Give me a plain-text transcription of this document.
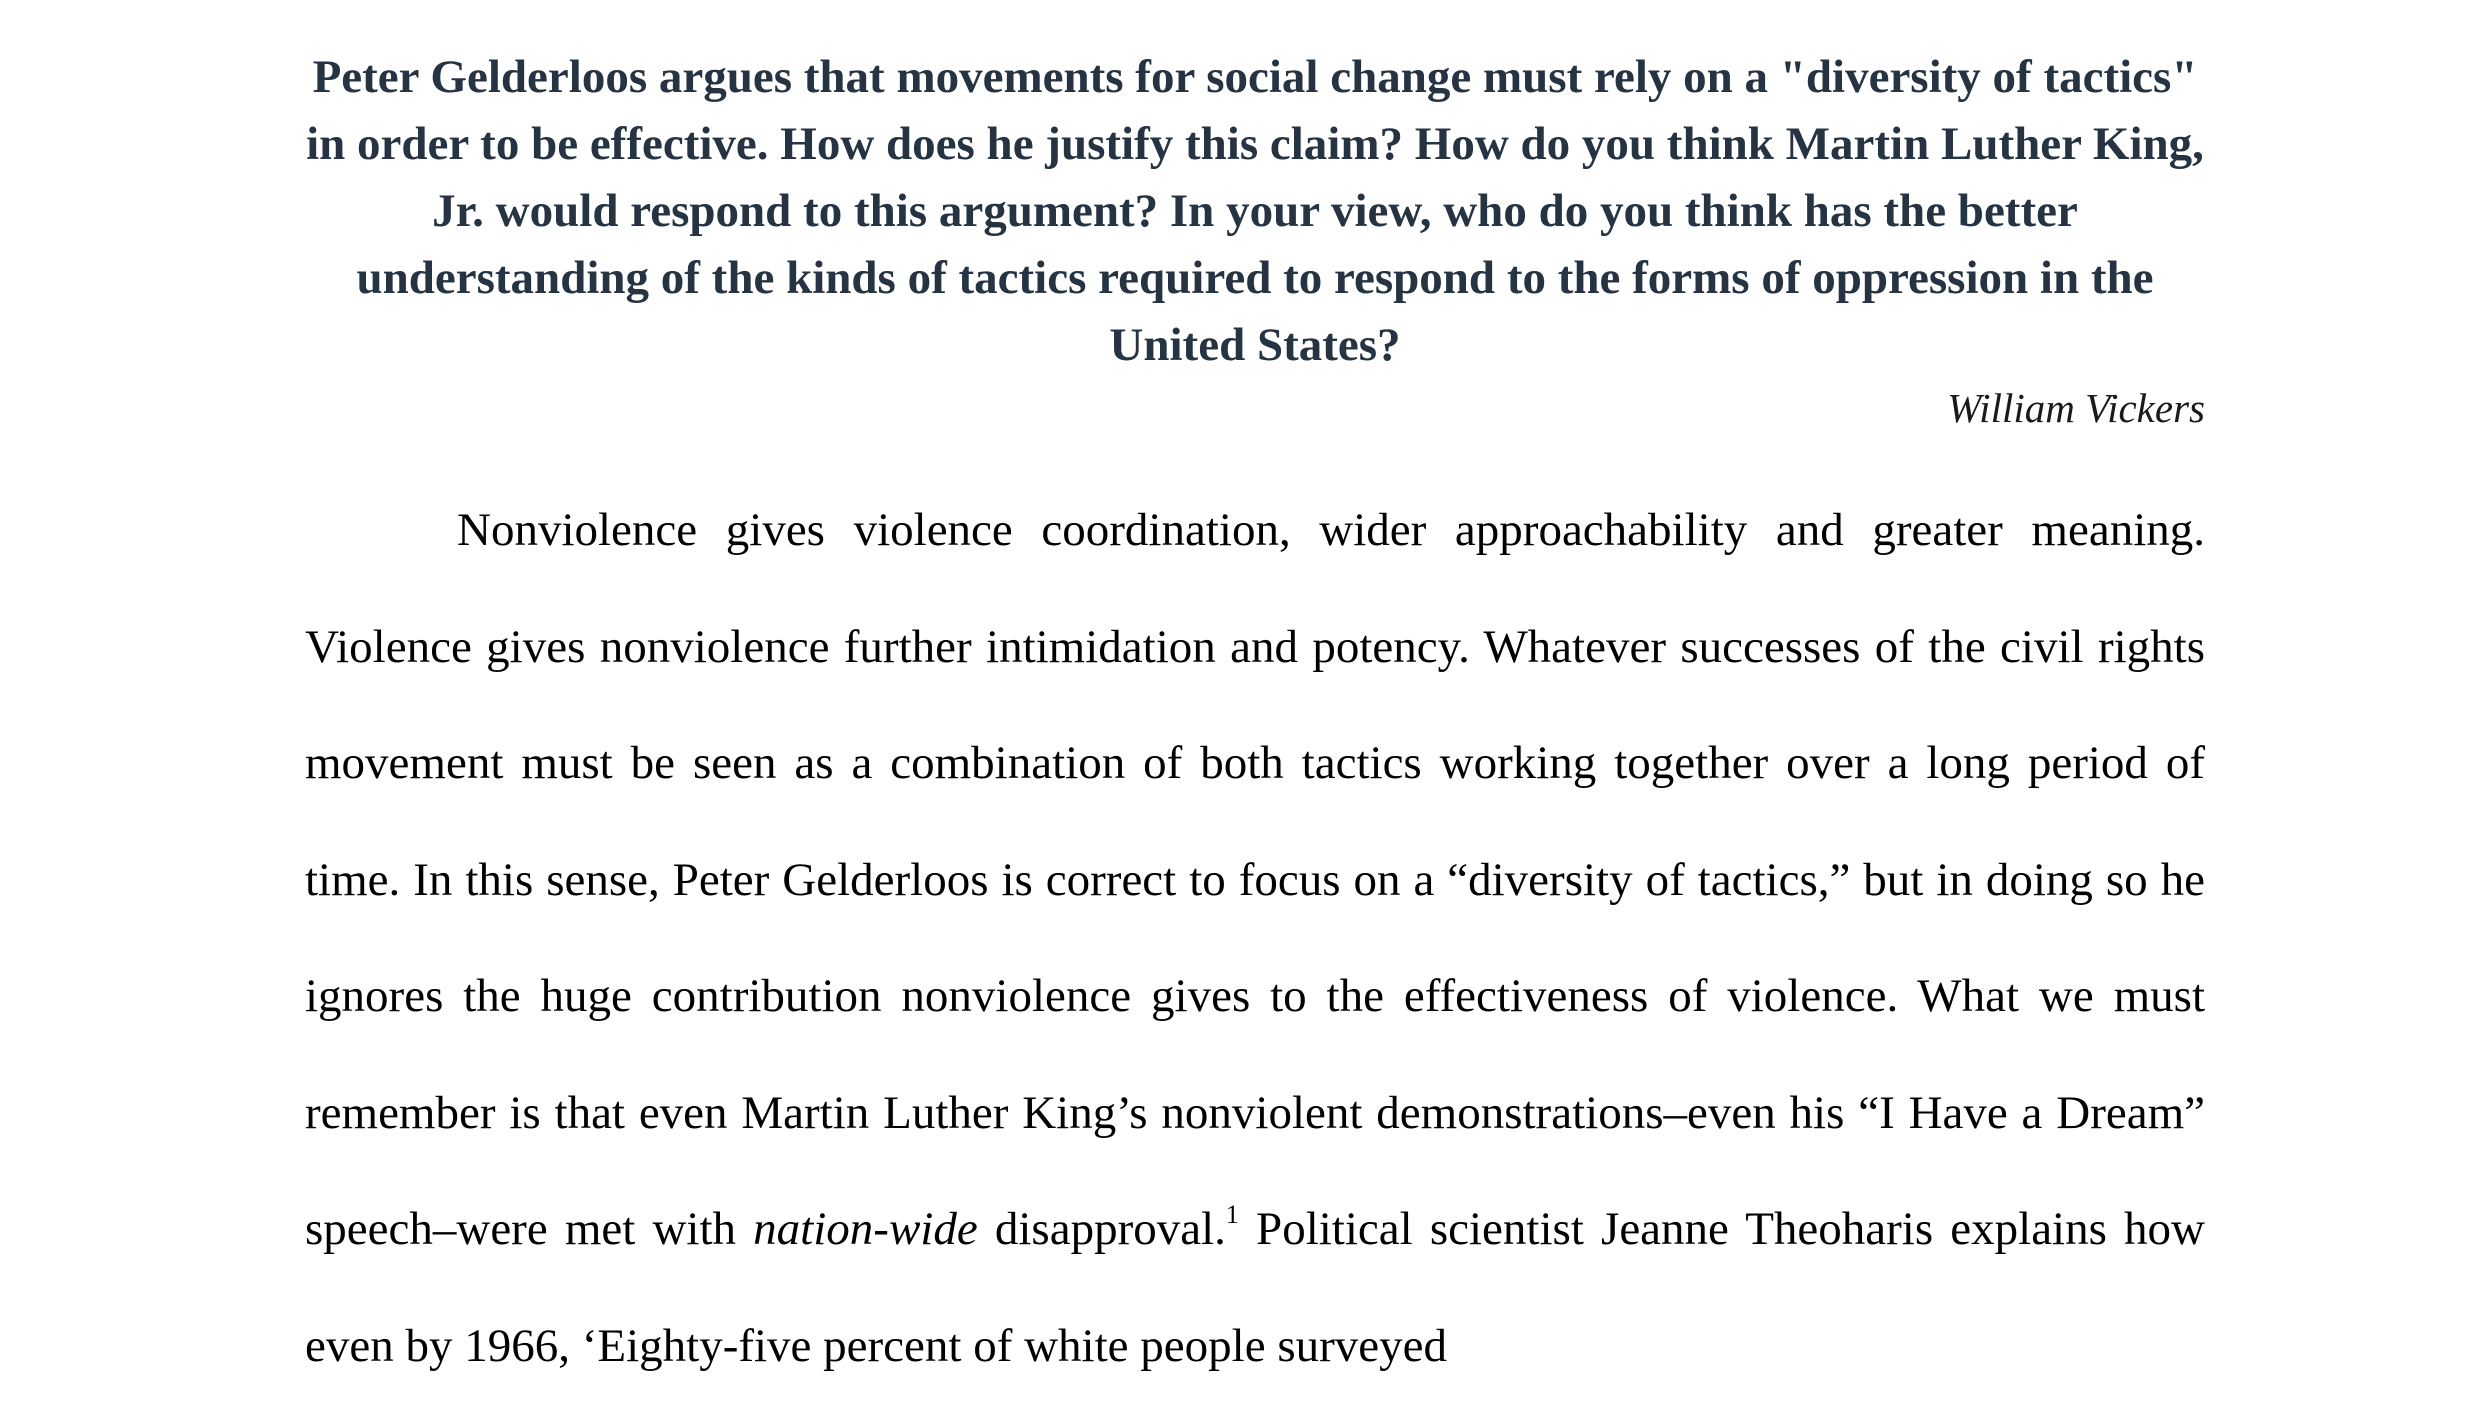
Peter Gelderloos argues that movements for social change must rely on a "diversity of tactics" in order to be effective. How does he justify this claim? How do you think Martin Luther King, Jr. would respond to this argument? In your view, who do you think has the better understanding of the kinds of tactics required to respond to the forms of oppression in the United States?

William Vickers

Nonviolence gives violence coordination, wider approachability and greater meaning. Violence gives nonviolence further intimidation and potency. Whatever successes of the civil rights movement must be seen as a combination of both tactics working together over a long period of time. In this sense, Peter Gelderloos is correct to focus on a “diversity of tactics,” but in doing so he ignores the huge contribution nonviolence gives to the effectiveness of violence. What we must remember is that even Martin Luther King’s nonviolent demonstrations–even his “I Have a Dream” speech–were met with nation-wide disapproval.$^1$ Political scientist Jeanne Theoharis explains how even by 1966, ‘Eighty-five percent of white people surveyed
